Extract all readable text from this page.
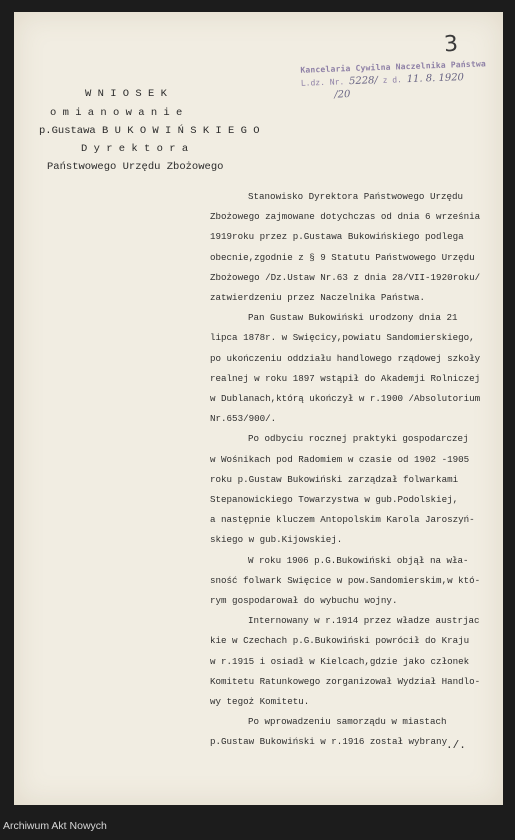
3
Kancelaria Cywilna Naczelnika Państwa
L.dz. Nr. 5228/ z d. 11. 8. 1920
/20
W N I O S E K
o m i a n o w a n i e
p.Gustawa B U K O W I Ń S K I E G O
D y r e k t o r a
Państwowego Urzędu Zbożowego
Stanowisko Dyrektora Państwowego Urzędu
Zbożowego zajmowane dotychczas od dnia 6 września
1919roku przez p.Gustawa Bukowińskiego podlega
obecnie,zgodnie z § 9 Statutu Państwowego Urzędu
Zbożowego /Dz.Ustaw Nr.63 z dnia 28/VII-1920roku/
zatwierdzeniu przez Naczelnika Państwa.
Pan Gustaw Bukowiński urodzony dnia 21
lipca 1878r. w Swięcicy,powiatu Sandomierskiego,
po ukończeniu oddziału handlowego rządowej szkoły
realnej w roku 1897 wstąpił do Akademji Rolniczej
w Dublanach,którą ukończył w r.1900 /Absolutorium
Nr.653/900/.
Po odbyciu rocznej praktyki gospodarczej
w Wośnikach pod Radomiem w czasie od 1902 -1905
roku p.Gustaw Bukowiński zarządzał folwarkami
Stepanowickiego Towarzystwa w gub.Podolskiej,
a następnie kluczem Antopolskim Karola Jaroszyń-
skiego w gub.Kijowskiej.
W roku 1906 p.G.Bukowiński objął na wła-
sność folwark Swięcice w pow.Sandomierskim,w któ-
rym gospodarował do wybuchu wojny.
Internowany w r.1914 przez władze austrjac
kie w Czechach p.G.Bukowiński powrócił do Kraju
w r.1915 i osiadł w Kielcach,gdzie jako członek
Komitetu Ratunkowego zorganizował Wydział Handlo-
wy tegoż Komitetu.
Po wprowadzeniu samorządu w miastach
p.Gustaw Bukowiński w r.1916 został wybrany
./.
Archiwum Akt Nowych
